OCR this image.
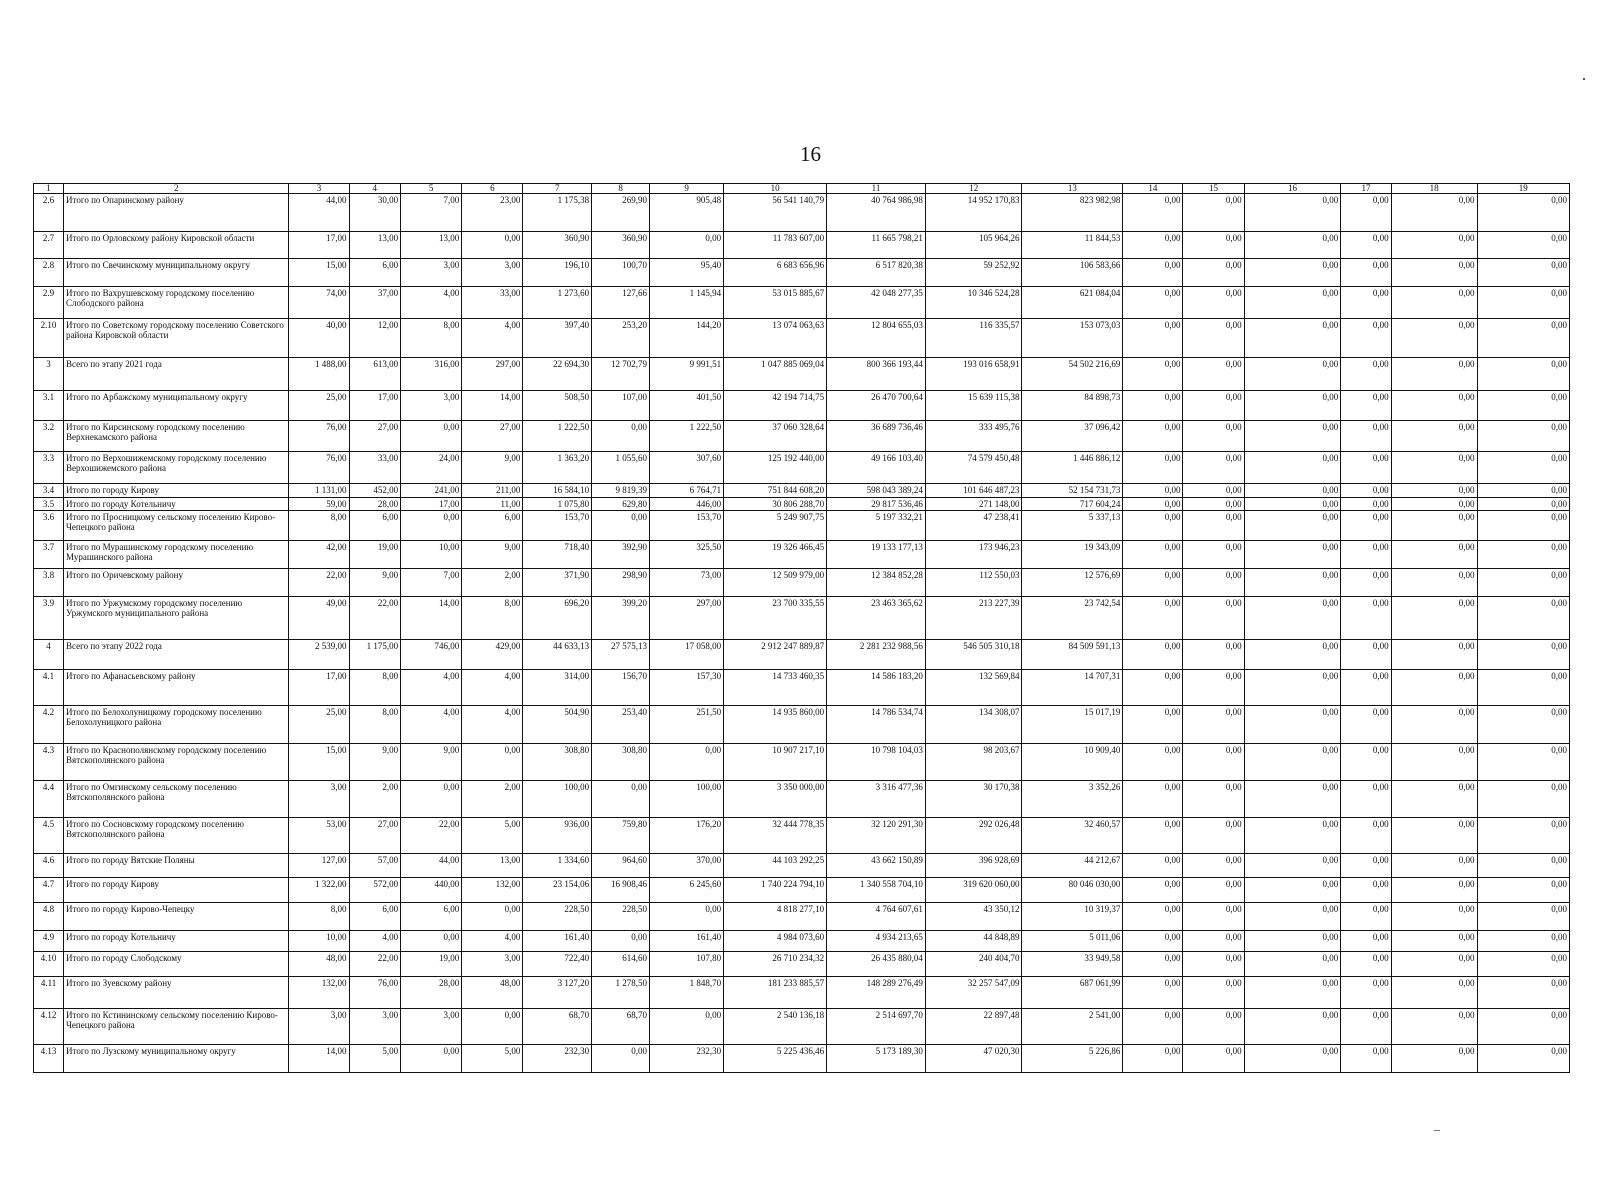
16
1	2	3	4	5	6	7	8	9	10	11	12	13	14	15	16	17	18	19
2.6	Итого по Опаринскому району	44,00	30,00	7,00	23,00	1 175,38	269,90	905,48	56 541 140,79	40 764 986,98	14 952 170,83	823 982,98	0,00	0,00	0,00	0,00	0,00	0,00
2.7	Итого по Орловскому району Кировской области	17,00	13,00	13,00	0,00	360,90	360,90	0,00	11 783 607,00	11 665 798,21	105 964,26	11 844,53	0,00	0,00	0,00	0,00	0,00	0,00
2.8	Итого по Свечинскому муниципальному округу	15,00	6,00	3,00	3,00	196,10	100,70	95,40	6 683 656,96	6 517 820,38	59 252,92	106 583,66	0,00	0,00	0,00	0,00	0,00	0,00
2.9	Итого по Вахрушевскому городскому поселению Слободского района	74,00	37,00	4,00	33,00	1 273,60	127,66	1 145,94	53 015 885,67	42 048 277,35	10 346 524,28	621 084,04	0,00	0,00	0,00	0,00	0,00	0,00
2.10	Итого по Советскому городскому поселению Советского района Кировской области	40,00	12,00	8,00	4,00	397,40	253,20	144,20	13 074 063,63	12 804 655,03	116 335,57	153 073,03	0,00	0,00	0,00	0,00	0,00	0,00
3	Всего по этапу 2021 года	1 488,00	613,00	316,00	297,00	22 694,30	12 702,79	9 991,51	1 047 885 069,04	800 366 193,44	193 016 658,91	54 502 216,69	0,00	0,00	0,00	0,00	0,00	0,00
3.1	Итого по Арбажскому муниципальному округу	25,00	17,00	3,00	14,00	508,50	107,00	401,50	42 194 714,75	26 470 700,64	15 639 115,38	84 898,73	0,00	0,00	0,00	0,00	0,00	0,00
3.2	Итого по Кирсинскому городскому поселению Верхнекамского района	76,00	27,00	0,00	27,00	1 222,50	0,00	1 222,50	37 060 328,64	36 689 736,46	333 495,76	37 096,42	0,00	0,00	0,00	0,00	0,00	0,00
3.3	Итого по Верхошижемскому городскому поселению Верхошижемского района	76,00	33,00	24,00	9,00	1 363,20	1 055,60	307,60	125 192 440,00	49 166 103,40	74 579 450,48	1 446 886,12	0,00	0,00	0,00	0,00	0,00	0,00
3.4	Итого по городу Кирову	1 131,00	452,00	241,00	211,00	16 584,10	9 819,39	6 764,71	751 844 608,20	598 043 389,24	101 646 487,23	52 154 731,73	0,00	0,00	0,00	0,00	0,00	0,00
3.5	Итого по городу Котельничу	59,00	28,00	17,00	11,00	1 075,80	629,80	446,00	30 806 288,70	29 817 536,46	271 148,00	717 604,24	0,00	0,00	0,00	0,00	0,00	0,00
3.6	Итого по Просницкому сельскому поселению Кирово-Чепецкого района	8,00	6,00	0,00	6,00	153,70	0,00	153,70	5 249 907,75	5 197 332,21	47 238,41	5 337,13	0,00	0,00	0,00	0,00	0,00	0,00
3.7	Итого по Мурашинскому городскому поселению Мурашинского района	42,00	19,00	10,00	9,00	718,40	392,90	325,50	19 326 466,45	19 133 177,13	173 946,23	19 343,09	0,00	0,00	0,00	0,00	0,00	0,00
3.8	Итого по Оричевскому району	22,00	9,00	7,00	2,00	371,90	298,90	73,00	12 509 979,00	12 384 852,28	112 550,03	12 576,69	0,00	0,00	0,00	0,00	0,00	0,00
3.9	Итого по Уржумскому городскому поселению Уржумского муниципального района	49,00	22,00	14,00	8,00	696,20	399,20	297,00	23 700 335,55	23 463 365,62	213 227,39	23 742,54	0,00	0,00	0,00	0,00	0,00	0,00
4	Всего по этапу 2022 года	2 539,00	1 175,00	746,00	429,00	44 633,13	27 575,13	17 058,00	2 912 247 889,87	2 281 232 988,56	546 505 310,18	84 509 591,13	0,00	0,00	0,00	0,00	0,00	0,00
4.1	Итого по Афанасьевскому району	17,00	8,00	4,00	4,00	314,00	156,70	157,30	14 733 460,35	14 586 183,20	132 569,84	14 707,31	0,00	0,00	0,00	0,00	0,00	0,00
4.2	Итого по Белохолуницкому городскому поселению Белохолуницкого района	25,00	8,00	4,00	4,00	504,90	253,40	251,50	14 935 860,00	14 786 534,74	134 308,07	15 017,19	0,00	0,00	0,00	0,00	0,00	0,00
4.3	Итого по Краснополянскому городскому поселению Вятскополянского района	15,00	9,00	9,00	0,00	308,80	308,80	0,00	10 907 217,10	10 798 104,03	98 203,67	10 909,40	0,00	0,00	0,00	0,00	0,00	0,00
4.4	Итого по Омгинскому сельскому поселению Вятскополянского района	3,00	2,00	0,00	2,00	100,00	0,00	100,00	3 350 000,00	3 316 477,36	30 170,38	3 352,26	0,00	0,00	0,00	0,00	0,00	0,00
4.5	Итого по Сосновскому городскому поселению Вятскополянского района	53,00	27,00	22,00	5,00	936,00	759,80	176,20	32 444 778,35	32 120 291,30	292 026,48	32 460,57	0,00	0,00	0,00	0,00	0,00	0,00
4.6	Итого по городу Вятские Поляны	127,00	57,00	44,00	13,00	1 334,60	964,60	370,00	44 103 292,25	43 662 150,89	396 928,69	44 212,67	0,00	0,00	0,00	0,00	0,00	0,00
4.7	Итого по городу Кирову	1 322,00	572,00	440,00	132,00	23 154,06	16 908,46	6 245,60	1 740 224 794,10	1 340 558 704,10	319 620 060,00	80 046 030,00	0,00	0,00	0,00	0,00	0,00	0,00
4.8	Итого по городу Кирово-Чепецку	8,00	6,00	6,00	0,00	228,50	228,50	0,00	4 818 277,10	4 764 607,61	43 350,12	10 319,37	0,00	0,00	0,00	0,00	0,00	0,00
4.9	Итого по городу Котельничу	10,00	4,00	0,00	4,00	161,40	0,00	161,40	4 984 073,60	4 934 213,65	44 848,89	5 011,06	0,00	0,00	0,00	0,00	0,00	0,00
4.10	Итого по городу Слободскому	48,00	22,00	19,00	3,00	722,40	614,60	107,80	26 710 234,32	26 435 880,04	240 404,70	33 949,58	0,00	0,00	0,00	0,00	0,00	0,00
4.11	Итого по Зуевскому району	132,00	76,00	28,00	48,00	3 127,20	1 278,50	1 848,70	181 233 885,57	148 289 276,49	32 257 547,09	687 061,99	0,00	0,00	0,00	0,00	0,00	0,00
4.12	Итого по Кстининскому сельскому поселению Кирово-Чепецкого района	3,00	3,00	3,00	0,00	68,70	68,70	0,00	2 540 136,18	2 514 697,70	22 897,48	2 541,00	0,00	0,00	0,00	0,00	0,00	0,00
4.13	Итого по Лузскому муниципальному округу	14,00	5,00	0,00	5,00	232,30	0,00	232,30	5 225 436,46	5 173 189,30	47 020,30	5 226,86	0,00	0,00	0,00	0,00	0,00	0,00
